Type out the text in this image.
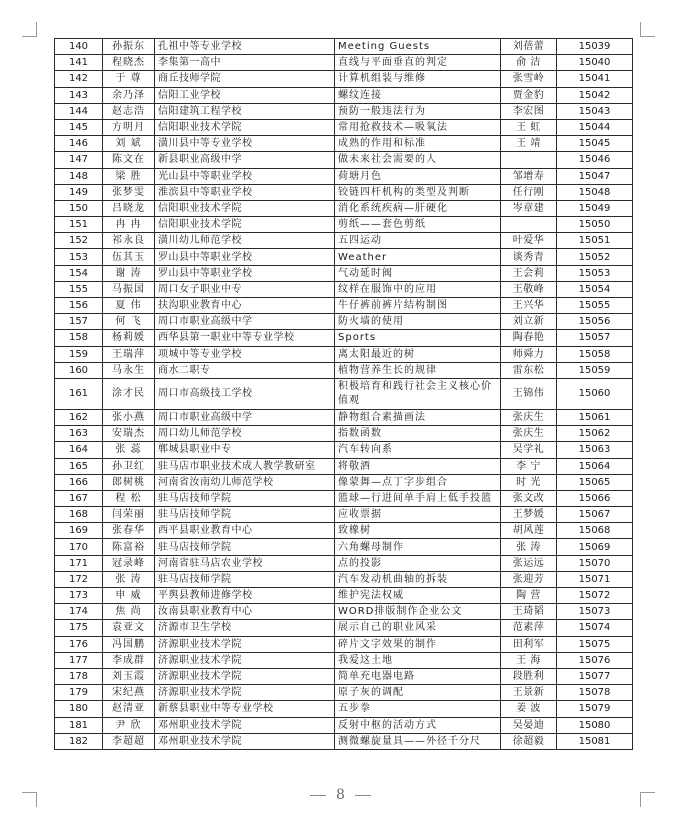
140	孙振东	孔祖中等专业学校	Meeting Guests	刘蓓蕾	15039
141	程晓杰	李集第一高中	直线与平面垂直的判定	俞 洁	15040
142	于 尊	商丘技师学院	计算机组装与维修	张雪岭	15041
143	余乃泽	信阳工业学校	螺纹连接	贾金豹	15042
144	赵志浩	信阳建筑工程学校	预防一般违法行为	李宏图	15043
145	方明月	信阳职业技术学院	常用抢救技术—吸氧法	王 虹	15044
146	刘 斌	潢川县中等专业学校	成熟的作用和标准	王 靖	15045
147	陈文在	新县职业高级中学	做未来社会需要的人		15046
148	梁 胜	光山县中等职业学校	荷塘月色	邹增寿	15047
149	张梦雯	淮滨县中等职业学校	铰链四杆机构的类型及判断	任行刚	15048
150	吕晓龙	信阳职业技术学院	消化系统疾病—肝硬化	岑章建	15049
151	冉 冉	信阳职业技术学院	剪纸——套色剪纸		15050
152	祁永良	潢川幼儿师范学校	五四运动	叶爱华	15051
153	伍其玉	罗山县中等职业学校	Weather	谈秀青	15052
154	谢 涛	罗山县中等职业学校	气动延时阀	王会莉	15053
155	马振国	周口女子职业中专	纹样在服饰中的应用	王敬峰	15054
156	夏 伟	扶沟职业教育中心	牛仔裤前裤片结构制图	王兴华	15055
157	何 飞	周口市职业高级中学	防火墙的使用	刘立新	15056
158	杨莉媛	西华县第一职业中等专业学校	Sports	陶春艳	15057
159	王瑞萍	项城中等专业学校	离太阳最近的树	师舜力	15058
160	马永生	商水二职专	植物营养生长的规律	雷东松	15059
161	涂才民	周口市高级技工学校	积极培育和践行社会主义核心价值观	王锦伟	15060
162	张小燕	周口市职业高级中学	静物组合素描画法	张庆生	15061
163	安瑞杰	周口幼儿师范学校	指数函数	张庆生	15062
164	张 蕊	郸城县职业中专	汽车转向系	吴学礼	15063
165	孙卫红	驻马店市职业技术成人教学教研室	将敬酒	李 宁	15064
166	郎树桃	河南省汝南幼儿师范学校	像蒙舞—点丁字步组合	时 光	15065
167	程 松	驻马店技师学院	篮球—行进间单手肩上低手投篮	张文改	15066
168	闫荣丽	驻马店技师学院	应收票据	王梦媛	15067
169	张春华	西平县职业教育中心	致橡树	胡风莲	15068
170	陈富裕	驻马店技师学院	六角螺母制作	张 涛	15069
171	冠录峰	河南省驻马店农业学校	点的投影	张运远	15070
172	张 涛	驻马店技师学院	汽车发动机曲轴的拆装	张迎芳	15071
173	申 威	平舆县教师进修学校	维护宪法权威	陶 营	15072
174	焦 尚	汝南县职业教育中心	WORD排版制作企业公文	王琦韬	15073
175	袁亚文	济源市卫生学校	展示自己的职业风采	范素萍	15074
176	冯国鹏	济源职业技术学院	碎片文字效果的制作	田利军	15075
177	李成群	济源职业技术学院	我爱这土地	王 海	15076
178	刘玉霞	济源职业技术学院	简单充电器电路	段胜利	15077
179	宋纪燕	济源职业技术学院	原子灰的调配	王景新	15078
180	赵清亚	新蔡县职业中等专业学校	五步拳	姜 波	15079
181	尹 欣	邓州职业技术学院	反射中枢的活动方式	吴晏迪	15080
182	李超超	邓州职业技术学院	测微螺旋量具——外径千分尺	徐超毅	15081
8
